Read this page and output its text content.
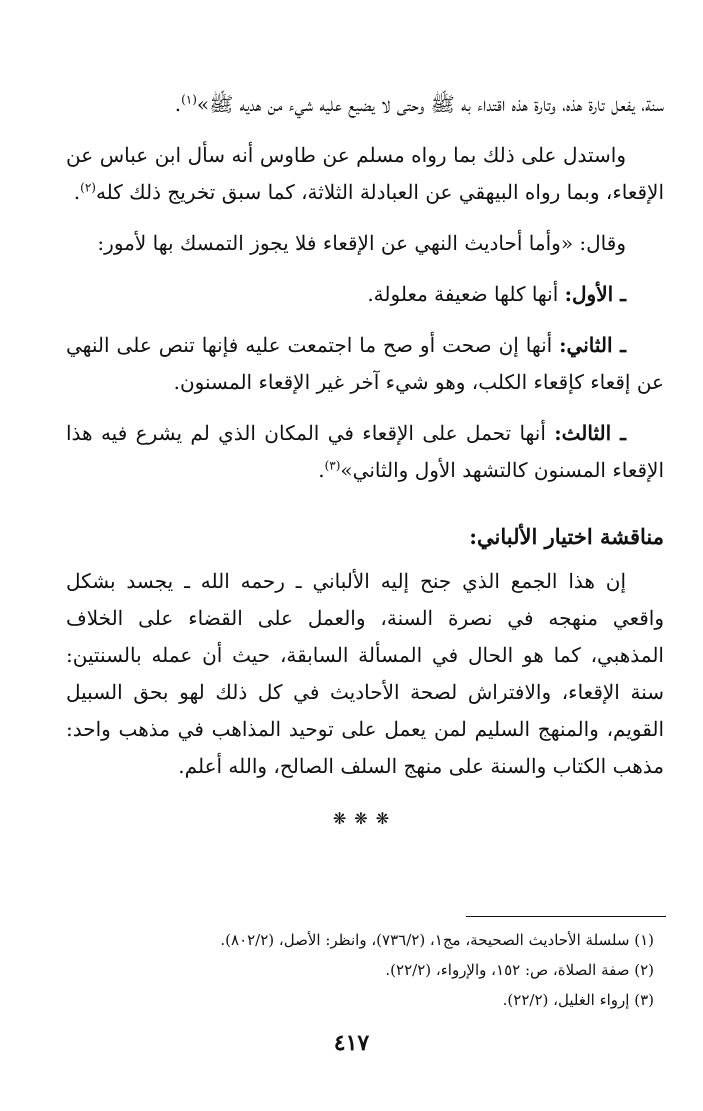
سنة، يفعل تارة هذه، وتارة هذه اقتداء به ﷺ وحتى لا يضيع عليه شيء من هديه ﷺ»$^{(١)}$.

واستدل على ذلك بما رواه مسلم عن طاوس أنه سأل ابن عباس عن الإقعاء، وبما رواه البيهقي عن العبادلة الثلاثة، كما سبق تخريج ذلك كله$^{(٢)}$.

وقال: «وأما أحاديث النهي عن الإقعاء فلا يجوز التمسك بها لأمور:

ـ الأول: أنها كلها ضعيفة معلولة.

ـ الثاني: أنها إن صحت أو صح ما اجتمعت عليه فإنها تنص على النهي عن إقعاء كإقعاء الكلب، وهو شيء آخر غير الإقعاء المسنون.

ـ الثالث: أنها تحمل على الإقعاء في المكان الذي لم يشرع فيه هذا الإقعاء المسنون كالتشهد الأول والثاني»$^{(٣)}$.

مناقشة اختيار الألباني:

إن هذا الجمع الذي جنح إليه الألباني ـ رحمه الله ـ يجسد بشكل واقعي منهجه في نصرة السنة، والعمل على القضاء على الخلاف المذهبي، كما هو الحال في المسألة السابقة، حيث أن عمله بالسنتين: سنة الإقعاء، والافتراش لصحة الأحاديث في كل ذلك لهو بحق السبيل القويم، والمنهج السليم لمن يعمل على توحيد المذاهب في مذهب واحد: مذهب الكتاب والسنة على منهج السلف الصالح، والله أعلم.

❋❋❋

(١) سلسلة الأحاديث الصحيحة، مج١، (٧٣٦/٢)، وانظر: الأصل، (٨٠٢/٢).

(٢) صفة الصلاة، ص: ١٥٢، والإرواء، (٢٢/٢).

(٣) إرواء الغليل، (٢٢/٢).

٤١٧
